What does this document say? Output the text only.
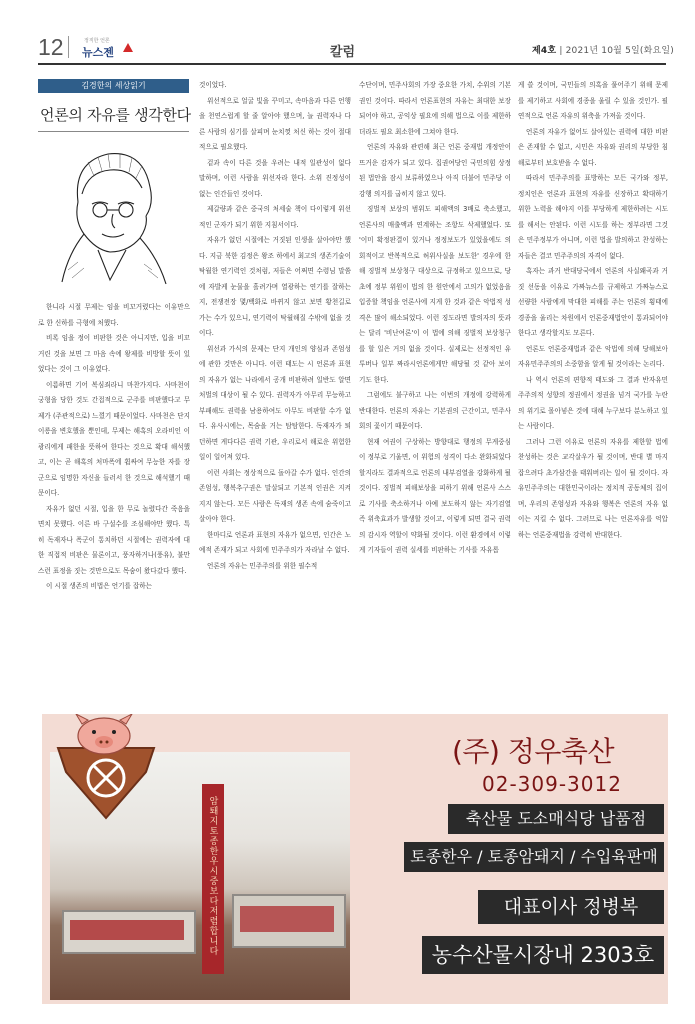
12	정직한 언론
뉴스젠	칼럼	제4호 | 2021년 10월 5일(화요일)
김경한의 세상읽기
언론의 자유를 생각한다

한니라 시절 무제는 임을 비꼬거렸다는 이유만으로 한 신하를 극형에 처했다.

비록 임을 정이 비판한 것은 아니지만, 입을 비꼬거린 것을 보면 그 마음 속에 왕제를 비방할 뜻이 있었다는 것이 그 이유였다.

이름하면 기어 복심죄라니 마찬가지다. 사마천이 궁형을 당한 것도 간접적으로 군주를 비판했다고 무제가 (주관적으로) 느꼈기 때문이었다. 사마천은 단지 이릉을 변호했을 뿐인데, 무제는 해혹의 오라비인 이광리에게 패한을 뜻하여 한다는 것으로 확대 해석했고, 이는 곧 해혹의 처마폭에 휩싸여 무능한 자를 장군으로 임명한 자신을 들러서 한 것으로 해석했기 때문이다.

자유가 없던 시절, 입을 한 무로 놀렸다간 죽음을 면치 못했다. 이른 바 구설수를 조심해야만 했다. 특히 독재자나 폭군이 통치하던 시절에는 권력자에 대한 직접적 비판은 물론이고, 풍자하거나(풍유), 불만스런 표정을 짓는 것만으로도 목숨이 왔다갔다 했다.

이 시절 생존의 비법은 언기를 잡하는

것이었다.

위선적으로 얼굴 빛을 꾸미고, 속마음과 다른 언행을 천연스럽게 할 줄 알아야 했으며, 늘 권력자나 다른 사람의 심기를 살피며 눈치껏 처신 하는 것이 절대적으로 필요했다.

겉과 속이 다른 것을 우려는 내적 일관성이 없다 말하며, 이런 사람을 위선자라 한다. 소위 진정성이 없는 인간들인 것이다.

제갈량과 같은 중국의 처세술 책이 다이렇게 위선적인 군자가 되기 위한 지침서이다.

자유가 없던 시절에는 거짓된 인생을 살아야만 했다. 지금 북한 김정은 왕조 하에서 최고의 생존기술이 탁월한 연기력인 것처럼, 저들은 어쩌면 수령님 말씀에 자발케 눈물을 흘려가며 열광하는 연기를 잘하는지, 전쟁전장 몇/백화로 바뀌지 않고 보면 황천길로 가는 수가 있으니, 연기력이 탁월해질 수밖에 없을 것이다.

위선과 가식의 문제는 단지 개인의 양심과 존엄성에 관한 것만은 아니다. 이런 태도는 시 언론과 표현의 자유가 없는 나라에서 공개 비판하려 일반도 알면 처벌의 대상이 될 수 있다. 권력자가 아무리 무능하고 부패해도 권력을 남용하여도 아무도 비판할 수가 없다. 유사시에는, 목숨을 거는 탐탐한다. 독재자가 퇴던하면 게다다른 권력 기관, 우리로서 해로운 위험한 일이 일어져 있다.

이런 사회는 정상적으로 돌아갈 수가 없다. 인간의 존엄성, 행복추구권은 말살되고 기본적 인권은 지켜지지 않는다. 모든 사람은 독재의 생존 속에 숨죽이고 살아야 한다.

한마디로 언론과 표현의 자유가 없으면, 인간은 노예적 존재가 되고 사회에 민주주의가 자라날 수 없다.

언론의 자유는 민주주의를 위한 필수적

수단이며, 민주사회의 가장 중요한 가치, 수위의 기본권인 것이다. 따라서 언론표현의 자유는 최대한 보장되어야 하고, 공익상 필요에 의해 법으로 이를 제한하더라도 필요 최소한에 그쳐야 한다.

언론의 자유와 관련해 최근 언론 중재법 개정안이 뜨거운 감자가 되고 있다. 집권여당인 국민의힘 상정된 법안을 잠시 보류하였으나 아직 더불어 민주당 이 강행 의지를 굽히지 않고 있다.

징벌적 보상의 범위도 피해액의 3배로 축소했고, 언론사의 매출액과 연계하는 조항도 삭제했었다. 또 '이미 확정판결이 있거나 정정보도가 있었을에도 의회적이고 반복적으로 허위사실을 보도한' 경우에 한해 징벌적 보상청구 대상으로 규정하고 있으므로, 당초에 정부 위원이 법의 한 원안에서 고의가 없었음을 입증할 책임을 언론사에 지게 한 것과 같은 악법적 성격은 많이 해소되었다. 이런 징도라면 발의자의 뜻과는 달리 '비난여론'이 이 법에 의해 징벌적 보상청구를 할 일은 거의 없을 것이다. 실제로는 선정적인 유투버나 일부 짜라시언론에게만 해당될 것 같아 보이기도 한다.

그럼에도 불구하고 나는 이번의 개정에 강력하게 반대한다. 언론의 자유는 기본권의 근간이고, 민주사회의 꽃이기 때문이다.

현재 여권이 구상하는 방향대로 행정의 무게중심이 정부로 기울면, 이 위험의 성격이 다소 완화되었다 할지라도 결과적으로 언론의 내부검열을 강화하게 될 것이다. 징벌적 피해보상을 피하기 위해 언론사 스스로 기사를 축소하거나 아예 보도하지 않는 자기검열 즉 위축효과가 발생할 것이고, 이렇게 되면 결국 권력의 감시자 역할이 약화될 것이다. 이런 환경에서 이렇게 기자들이 권력 실세를 비판하는 기사를 자유롭

게 쓸 것이며, 국민들의 의혹을 풀어주기 위해 문제를 제기하고 사회에 경종을 울릴 수 있을 것인가. 필연적으로 언론 자유의 위축을 가져올 것이다.

언론의 자유가 없어도 살아있는 권력에 대한 비판은 존재할 수 없고, 시민은 자유와 권리의 부당한 침해로부터 보호받을 수 없다.

따라서 민주주의를 표방하는 모든 국가와 정부, 정치인은 언론과 표현의 자유를 신장하고 확대하기 위한 노력을 해야지 이를 부당하게 제한하려는 시도를 해서는 안된다. 이런 시도를 하는 정부라면 그것은 민주정부가 아니며, 이런 법을 발의하고 찬성하는 자들은 결코 민주주의의 자격이 없다.

혹자는 과거 반대당국에서 언론의 사실왜곡과 거짓 선동을 이유로 가짜뉴스를 규제하고 가짜뉴스로 선량한 사람에게 막대한 피해를 주는 언론의 횡태에 경종을 울리는 차원에서 언론중재법안이 통과되어야 한다고 생각할지도 모른다.

언론도 언론중재법과 같은 악법에 의해 당해보아 자유민주주의의 소중함을 알게 될 것이라는 논리다.

나 역시 언론의 편향적 태도와 그 결과 반자유민주주의적 성향의 정권에서 정권을 넘겨 국가를 누란의 위기로 몰아넣은 것에 대해 누구보다 분노하고 있는 사람이다.

그러나 그런 이유로 언론의 자유를 제한할 법에 찬성하는 것은 교각살우가 될 것이며, 반대 별 마지 잡으려다 초가삼간을 태워버리는 일이 될 것이다. 자유민주주의는 대한민국이라는 정치적 공동체의 집이며, 우리의 존엄성과 자유와 행복은 언론의 자유 없이는 지킬 수 없다. 그러므로 나는 언론자유를 억압하는 언론중재법을 강력히 반대한다.

암퇘지 토종한우 시중보다 저렴합니다
(주) 정우축산
02-309-3012
축산물 도소매식당 납품점
토종한우 / 토종암돼지 / 수입육판매
대표이사 정병복
농수산물시장내 2303호
